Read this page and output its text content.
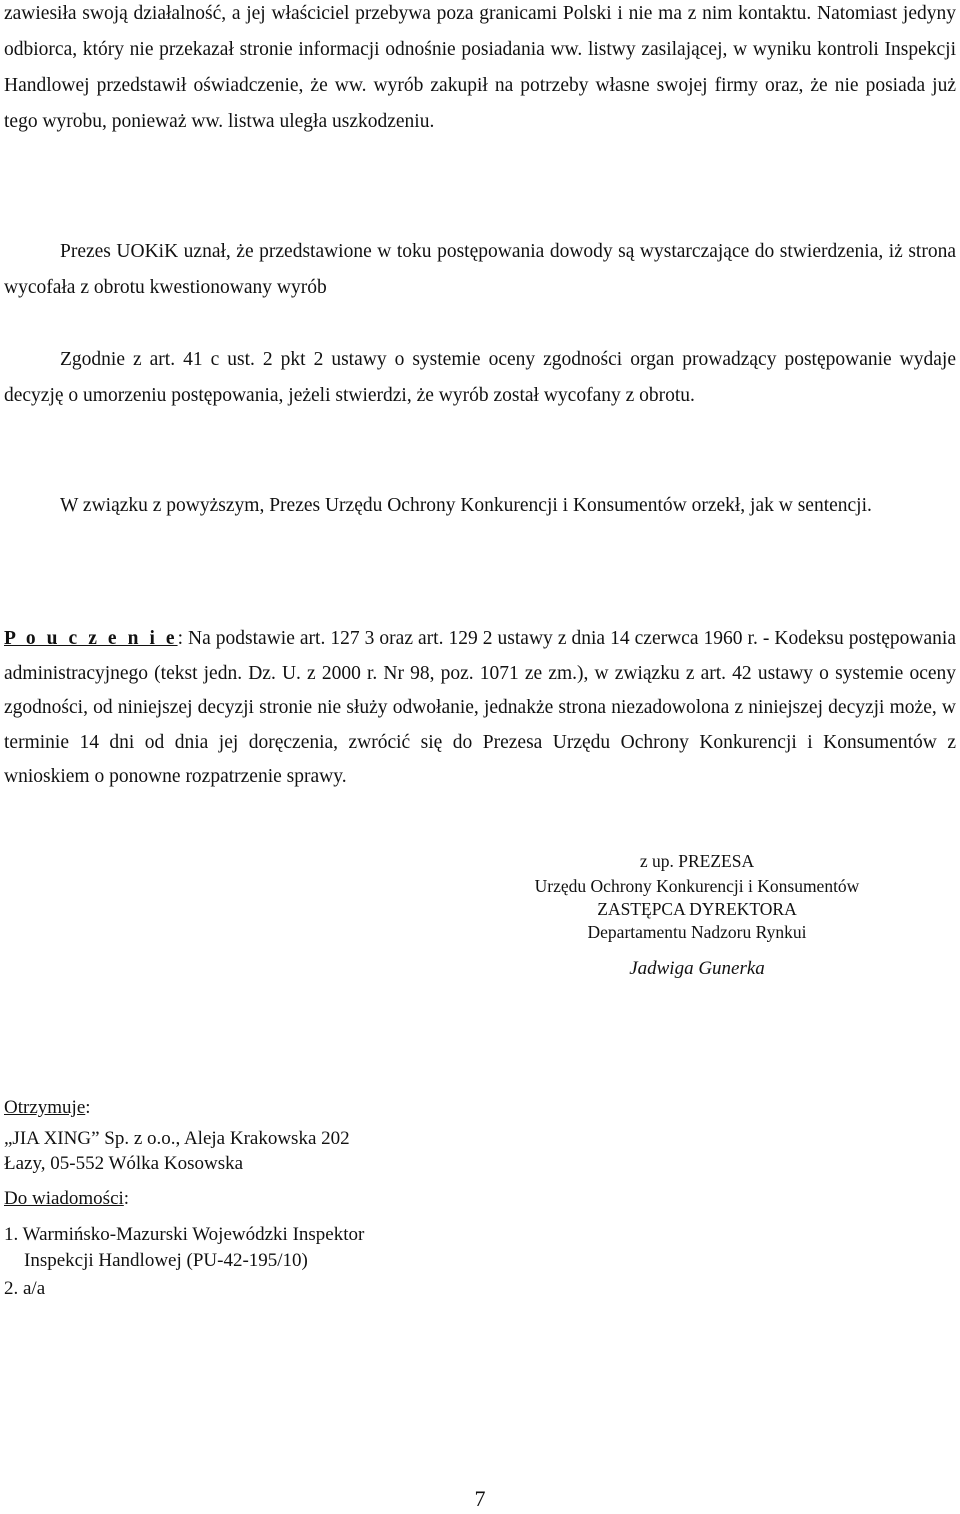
zawiesiła swoją działalność, a jej właściciel przebywa poza granicami Polski i nie ma z nim kontaktu. Natomiast jedyny odbiorca, który nie przekazał stronie informacji odnośnie posiadania ww. listwy zasilającej, w wyniku kontroli Inspekcji Handlowej przedstawił oświadczenie, że ww. wyrób zakupił na potrzeby własne swojej firmy oraz, że nie posiada już tego wyrobu, ponieważ ww. listwa uległa uszkodzeniu.

Prezes UOKiK uznał, że przedstawione w toku postępowania dowody są wystarczające do stwierdzenia, iż strona wycofała z obrotu kwestionowany wyrób

Zgodnie z art. 41 c ust. 2 pkt 2 ustawy o systemie oceny zgodności organ prowadzący postępowanie wydaje decyzję o umorzeniu postępowania, jeżeli stwierdzi, że wyrób został wycofany z obrotu.

W związku z powyższym, Prezes Urzędu Ochrony Konkurencji i Konsumentów orzekł, jak w sentencji.

P o u c z e n i e: Na podstawie art. 127 3 oraz art. 129 2 ustawy z dnia 14 czerwca 1960 r. - Kodeksu postępowania administracyjnego (tekst jedn. Dz. U. z 2000 r. Nr 98, poz. 1071 ze zm.), w związku z art. 42 ustawy o systemie oceny zgodności, od niniejszej decyzji stronie nie służy odwołanie, jednakże strona niezadowolona z niniejszej decyzji może, w terminie 14 dni od dnia jej doręczenia, zwrócić się do Prezesa Urzędu Ochrony Konkurencji i Konsumentów z wnioskiem o ponowne rozpatrzenie sprawy.

z up. PREZESA

Urzędu Ochrony Konkurencji i Konsumentów

ZASTĘPCA DYREKTORA

Departamentu Nadzoru Rynkui

Jadwiga Gunerka

Otrzymuje:

„JIA XING” Sp. z o.o., Aleja Krakowska 202

Łazy, 05-552 Wólka Kosowska

Do wiadomości:

1. Warmińsko-Mazurski Wojewódzki Inspektor

Inspekcji Handlowej (PU-42-195/10)

2. a/a

7
